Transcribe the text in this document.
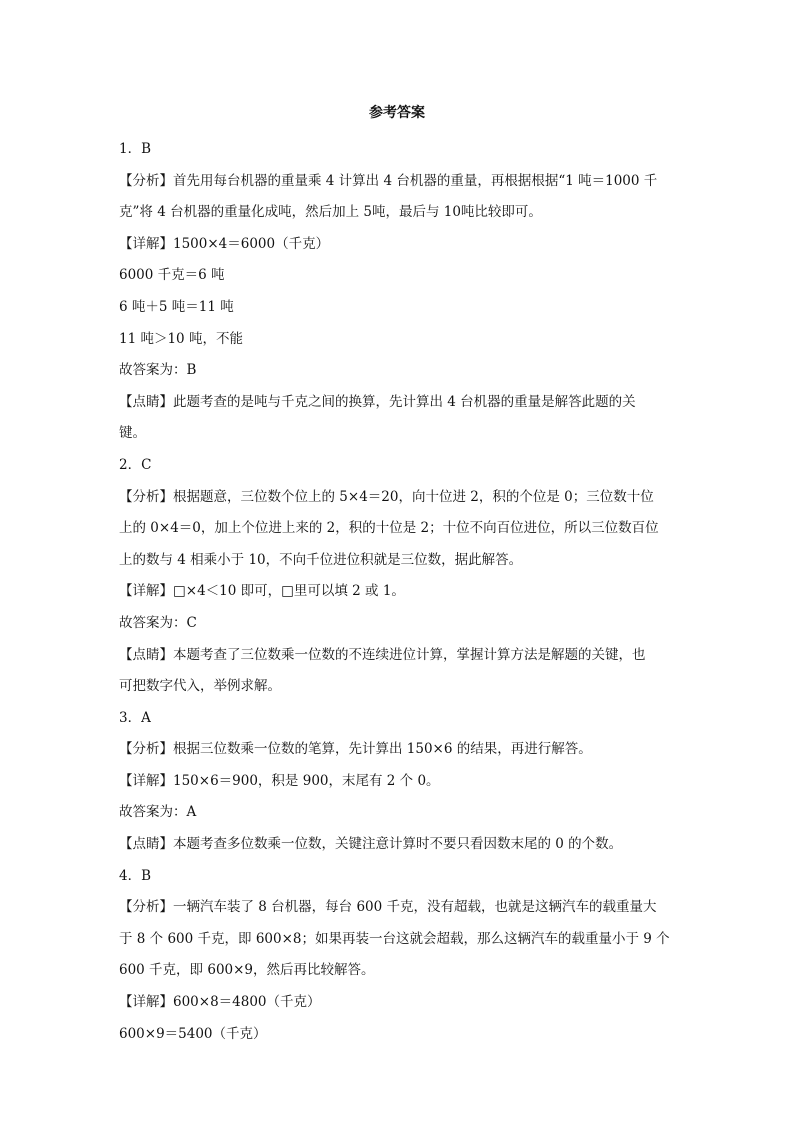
参考答案
1．B
【分析】首先用每台机器的重量乘 4 计算出 4 台机器的重量，再根据根据“1 吨＝1000 千
克”将 4 台机器的重量化成吨，然后加上 5吨，最后与 10吨比较即可。
【详解】1500×4＝6000（千克）
6000 千克＝6 吨
6 吨＋5 吨＝11 吨
11 吨＞10 吨，不能
故答案为：B
【点睛】此题考查的是吨与千克之间的换算，先计算出 4 台机器的重量是解答此题的关
键。
2．C
【分析】根据题意，三位数个位上的 5×4＝20，向十位进 2，积的个位是 0；三位数十位
上的 0×4＝0，加上个位进上来的 2，积的十位是 2；十位不向百位进位，所以三位数百位
上的数与 4 相乘小于 10，不向千位进位积就是三位数，据此解答。
【详解】□×4＜10 即可，□里可以填 2 或 1。
故答案为：C
【点睛】本题考查了三位数乘一位数的不连续进位计算，掌握计算方法是解题的关键，也
可把数字代入，举例求解。
3．A
【分析】根据三位数乘一位数的笔算，先计算出 150×6 的结果，再进行解答。
【详解】150×6＝900，积是 900，末尾有 2 个 0。
故答案为：A
【点睛】本题考查多位数乘一位数，关键注意计算时不要只看因数末尾的 0 的个数。
4．B
【分析】一辆汽车装了 8 台机器，每台 600 千克，没有超载，也就是这辆汽车的载重量大
于 8 个 600 千克，即 600×8；如果再装一台这就会超载，那么这辆汽车的载重量小于 9 个
600 千克，即 600×9，然后再比较解答。
【详解】600×8＝4800（千克）
600×9＝5400（千克）
